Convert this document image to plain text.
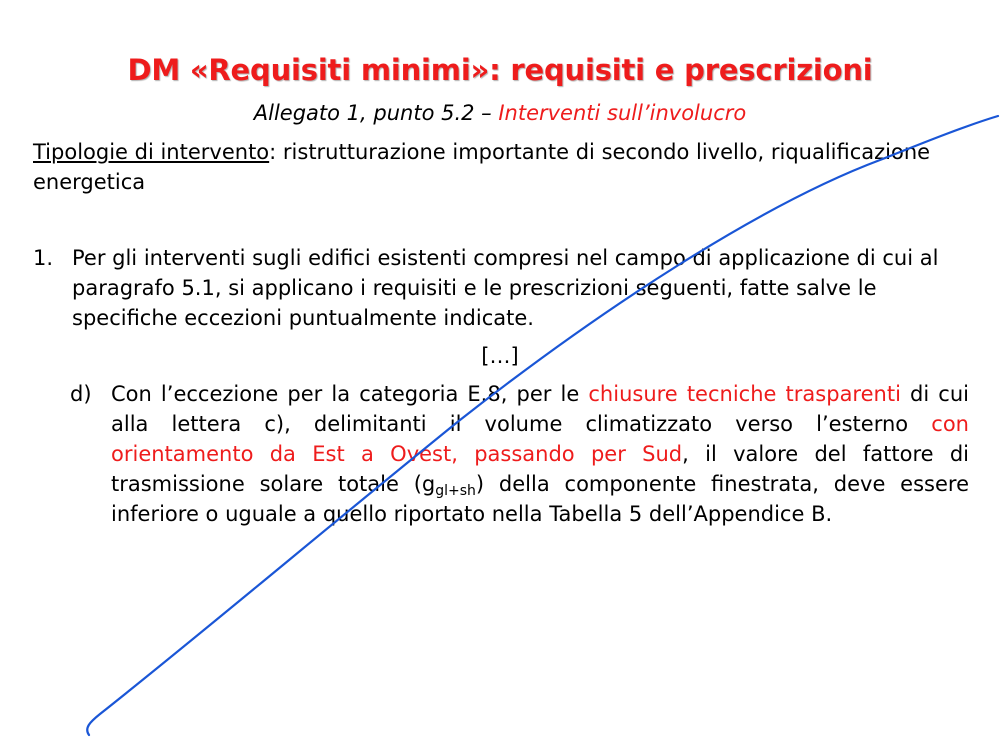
DM «Requisiti minimi»: requisiti e prescrizioni
Allegato 1, punto 5.2 – Interventi sull’involucro
Tipologie di intervento: ristrutturazione importante di secondo livello, riqualificazione energetica
1. Per gli interventi sugli edifici esistenti compresi nel campo di applicazione di cui al paragrafo 5.1, si applicano i requisiti e le prescrizioni seguenti, fatte salve le specifiche eccezioni puntualmente indicate.
[…]
d) Con l’eccezione per la categoria E.8, per le chiusure tecniche trasparenti di cui alla lettera c), delimitanti il volume climatizzato verso l’esterno con orientamento da Est a Ovest, passando per Sud, il valore del fattore di trasmissione solare totale $(g_{gl+sh})$ della componente finestrata, deve essere inferiore o uguale a quello riportato nella Tabella 5 dell’Appendice B.
